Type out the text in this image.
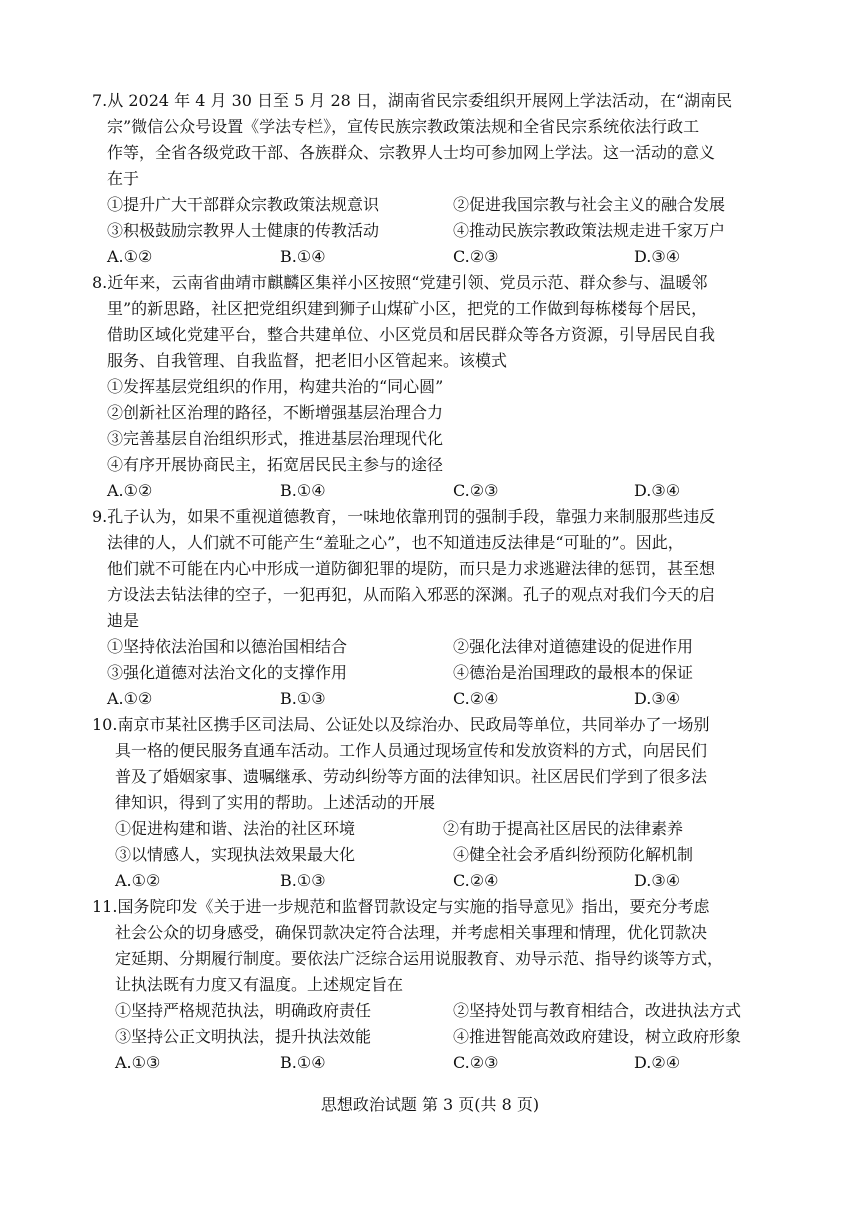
7.从 2024 年 4 月 30 日至 5 月 28 日，湖南省民宗委组织开展网上学法活动，在“湖南民
宗”微信公众号设置《学法专栏》，宣传民族宗教政策法规和全省民宗系统依法行政工
作等，全省各级党政干部、各族群众、宗教界人士均可参加网上学法。这一活动的意义
在于
①提升广大干部群众宗教政策法规意识	②促进我国宗教与社会主义的融合发展
③积极鼓励宗教界人士健康的传教活动	④推动民族宗教政策法规走进千家万户
A.①②	B.①④	C.②③	D.③④
8.近年来，云南省曲靖市麒麟区集祥小区按照“党建引领、党员示范、群众参与、温暖邻
里”的新思路，社区把党组织建到狮子山煤矿小区，把党的工作做到每栋楼每个居民，
借助区域化党建平台，整合共建单位、小区党员和居民群众等各方资源，引导居民自我
服务、自我管理、自我监督，把老旧小区管起来。该模式
①发挥基层党组织的作用，构建共治的“同心圆”
②创新社区治理的路径，不断增强基层治理合力
③完善基层自治组织形式，推进基层治理现代化
④有序开展协商民主，拓宽居民民主参与的途径
A.①②	B.①④	C.②③	D.③④
9.孔子认为，如果不重视道德教育，一味地依靠刑罚的强制手段，靠强力来制服那些违反
法律的人，人们就不可能产生“羞耻之心”，也不知道违反法律是“可耻的”。因此，
他们就不可能在内心中形成一道防御犯罪的堤防，而只是力求逃避法律的惩罚，甚至想
方设法去钻法律的空子，一犯再犯，从而陷入邪恶的深渊。孔子的观点对我们今天的启
迪是
①坚持依法治国和以德治国相结合	②强化法律对道德建设的促进作用
③强化道德对法治文化的支撑作用	④德治是治国理政的最根本的保证
A.①②	B.①③	C.②④	D.③④
10.南京市某社区携手区司法局、公证处以及综治办、民政局等单位，共同举办了一场别
具一格的便民服务直通车活动。工作人员通过现场宣传和发放资料的方式，向居民们
普及了婚姻家事、遗嘱继承、劳动纠纷等方面的法律知识。社区居民们学到了很多法
律知识，得到了实用的帮助。上述活动的开展
①促进构建和谐、法治的社区环境	②有助于提高社区居民的法律素养
③以情感人，实现执法效果最大化	④健全社会矛盾纠纷预防化解机制
A.①②	B.①③	C.②④	D.③④
11.国务院印发《关于进一步规范和监督罚款设定与实施的指导意见》指出，要充分考虑
社会公众的切身感受，确保罚款决定符合法理，并考虑相关事理和情理，优化罚款决
定延期、分期履行制度。要依法广泛综合运用说服教育、劝导示范、指导约谈等方式，
让执法既有力度又有温度。上述规定旨在
①坚持严格规范执法，明确政府责任	②坚持处罚与教育相结合，改进执法方式
③坚持公正文明执法，提升执法效能	④推进智能高效政府建设，树立政府形象
A.①③	B.①④	C.②③	D.②④
思想政治试题 第 3 页(共 8 页)
